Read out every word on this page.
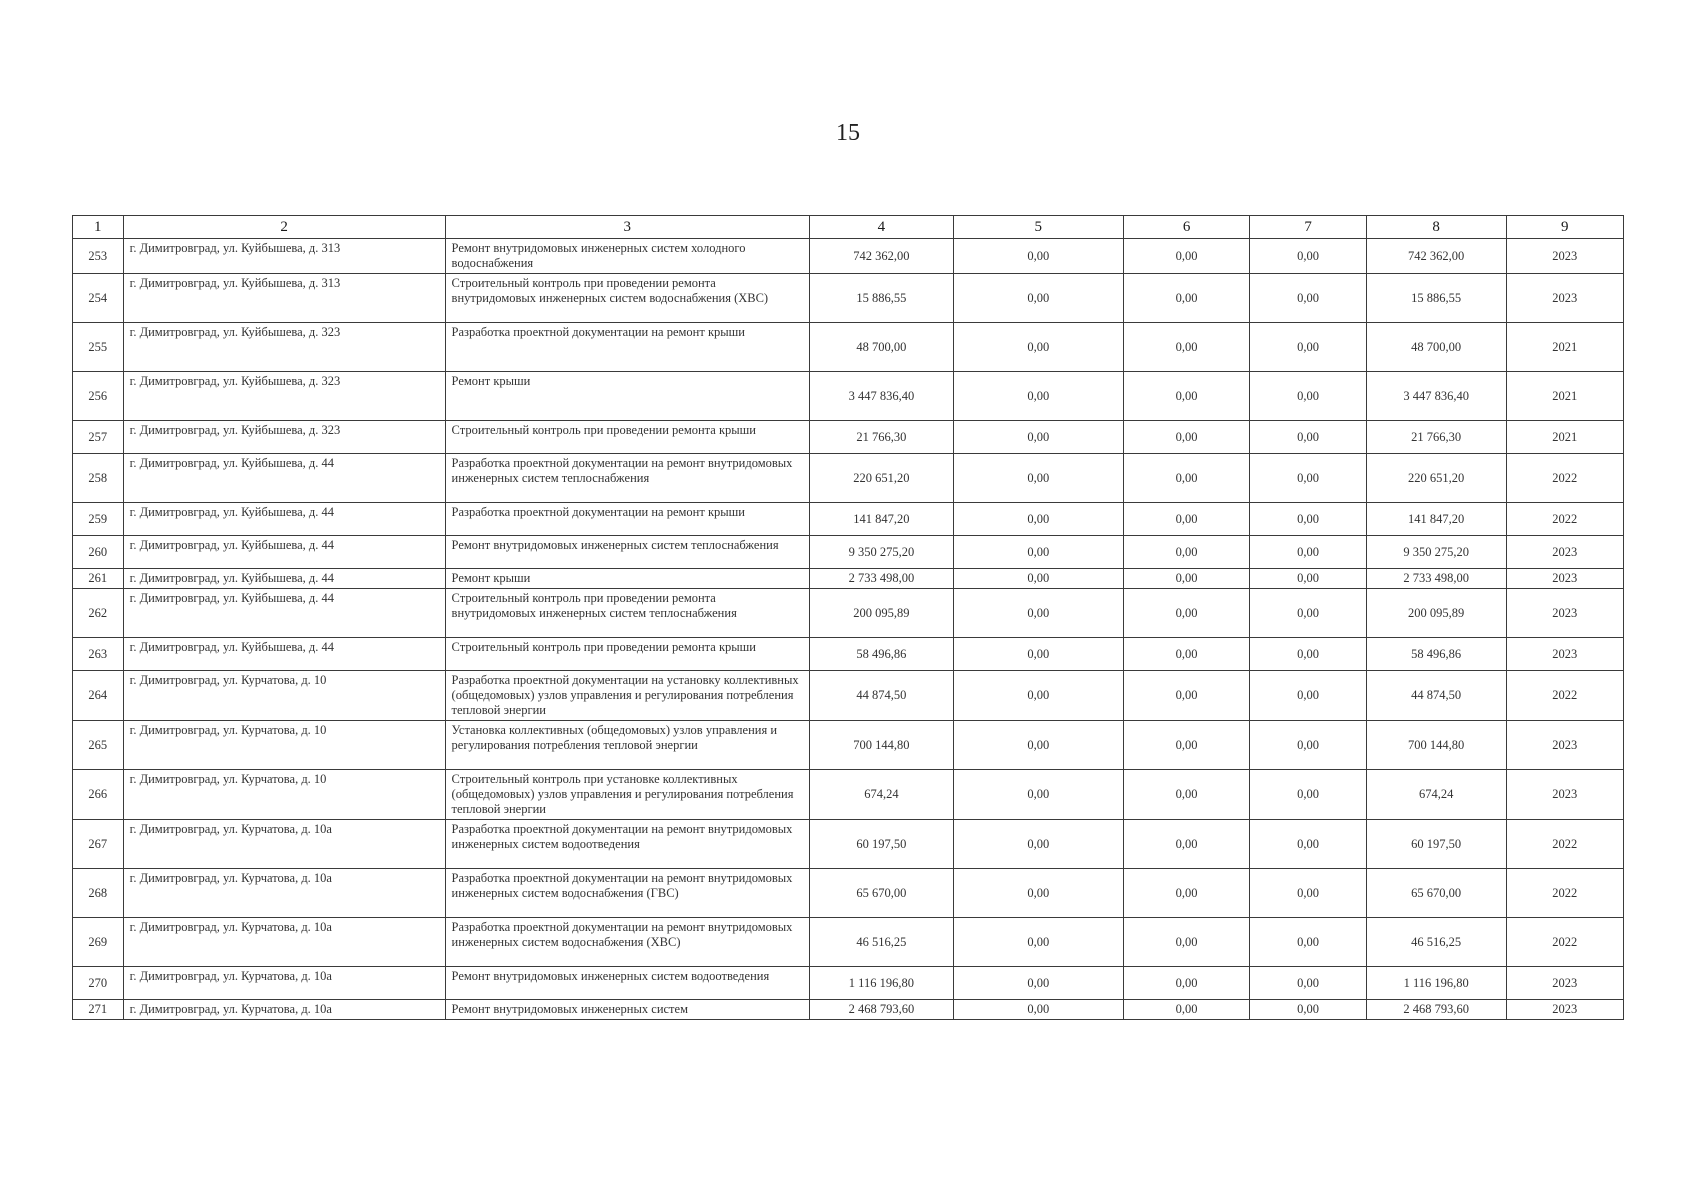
15
1	2	3	4	5	6	7	8	9
253	г. Димитровград, ул. Куйбышева, д. 313	Ремонт внутридомовых инженерных систем холодного водоснабжения	742 362,00	0,00	0,00	0,00	742 362,00	2023
254	г. Димитровград, ул. Куйбышева, д. 313	Строительный контроль при проведении ремонта внутридомовых инженерных систем водоснабжения (ХВС)	15 886,55	0,00	0,00	0,00	15 886,55	2023
255	г. Димитровград, ул. Куйбышева, д. 323	Разработка проектной документации на ремонт крыши	48 700,00	0,00	0,00	0,00	48 700,00	2021
256	г. Димитровград, ул. Куйбышева, д. 323	Ремонт крыши	3 447 836,40	0,00	0,00	0,00	3 447 836,40	2021
257	г. Димитровград, ул. Куйбышева, д. 323	Строительный контроль при проведении ремонта крыши	21 766,30	0,00	0,00	0,00	21 766,30	2021
258	г. Димитровград, ул. Куйбышева, д. 44	Разработка проектной документации на ремонт внутридомовых инженерных систем теплоснабжения	220 651,20	0,00	0,00	0,00	220 651,20	2022
259	г. Димитровград, ул. Куйбышева, д. 44	Разработка проектной документации на ремонт крыши	141 847,20	0,00	0,00	0,00	141 847,20	2022
260	г. Димитровград, ул. Куйбышева, д. 44	Ремонт внутридомовых инженерных систем теплоснабжения	9 350 275,20	0,00	0,00	0,00	9 350 275,20	2023
261	г. Димитровград, ул. Куйбышева, д. 44	Ремонт крыши	2 733 498,00	0,00	0,00	0,00	2 733 498,00	2023
262	г. Димитровград, ул. Куйбышева, д. 44	Строительный контроль при проведении ремонта внутридомовых инженерных систем теплоснабжения	200 095,89	0,00	0,00	0,00	200 095,89	2023
263	г. Димитровград, ул. Куйбышева, д. 44	Строительный контроль при проведении ремонта крыши	58 496,86	0,00	0,00	0,00	58 496,86	2023
264	г. Димитровград, ул. Курчатова, д. 10	Разработка проектной документации на установку коллективных (общедомовых) узлов управления и регулирования потребления тепловой энергии	44 874,50	0,00	0,00	0,00	44 874,50	2022
265	г. Димитровград, ул. Курчатова, д. 10	Установка коллективных (общедомовых) узлов управления и регулирования потребления тепловой энергии	700 144,80	0,00	0,00	0,00	700 144,80	2023
266	г. Димитровград, ул. Курчатова, д. 10	Строительный контроль при установке коллективных (общедомовых) узлов управления и регулирования потребления тепловой энергии	674,24	0,00	0,00	0,00	674,24	2023
267	г. Димитровград, ул. Курчатова, д. 10а	Разработка проектной документации на ремонт внутридомовых инженерных систем водоотведения	60 197,50	0,00	0,00	0,00	60 197,50	2022
268	г. Димитровград, ул. Курчатова, д. 10а	Разработка проектной документации на ремонт внутридомовых инженерных систем водоснабжения (ГВС)	65 670,00	0,00	0,00	0,00	65 670,00	2022
269	г. Димитровград, ул. Курчатова, д. 10а	Разработка проектной документации на ремонт внутридомовых инженерных систем водоснабжения (ХВС)	46 516,25	0,00	0,00	0,00	46 516,25	2022
270	г. Димитровград, ул. Курчатова, д. 10а	Ремонт внутридомовых инженерных систем водоотведения	1 116 196,80	0,00	0,00	0,00	1 116 196,80	2023
271	г. Димитровград, ул. Курчатова, д. 10а	Ремонт внутридомовых инженерных систем	2 468 793,60	0,00	0,00	0,00	2 468 793,60	2023
